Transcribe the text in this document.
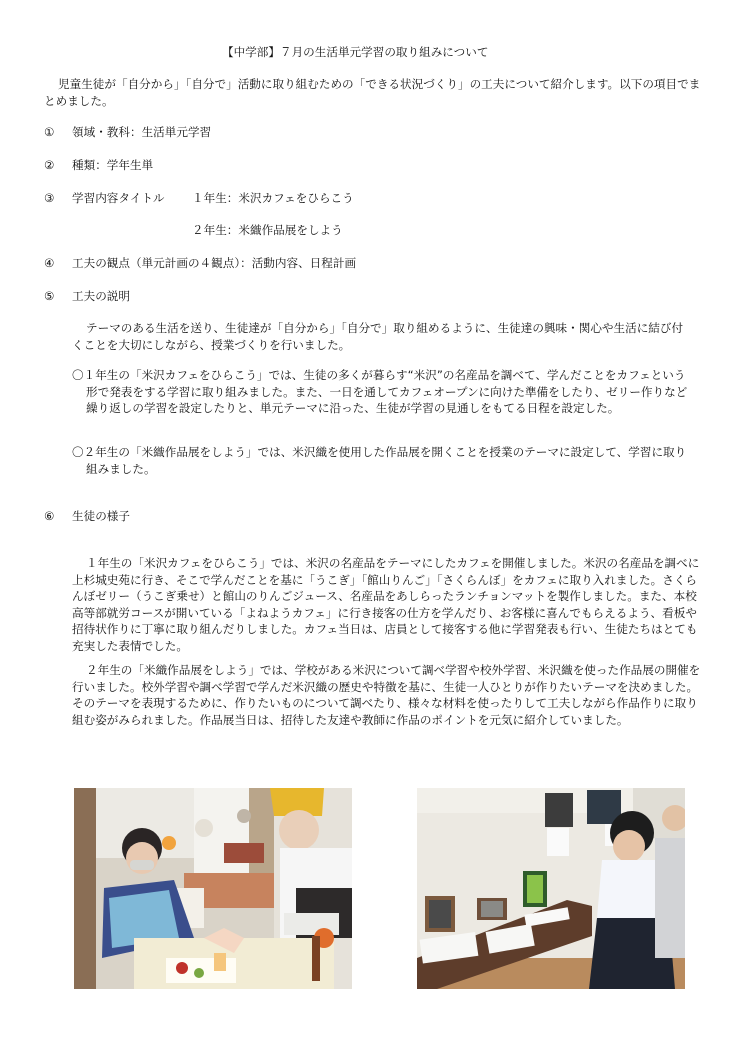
【中学部】７月の生活単元学習の取り組みについて
児童生徒が「自分から」「自分で」活動に取り組むための「できる状況づくり」の工夫について紹介します。以下の項目でまとめました。
① 領域・教科：生活単元学習
② 種類：学年生単
③ 学習内容タイトル １年生：米沢カフェをひらこう
２年生：米織作品展をしよう
④ 工夫の観点（単元計画の４観点）：活動内容、日程計画
⑤ 工夫の説明
テーマのある生活を送り、生徒達が「自分から」「自分で」取り組めるように、生徒達の興味・関心や生活に結び付くことを大切にしながら、授業づくりを行いました。
〇１年生の「米沢カフェをひらこう」では、生徒の多くが暮らす“米沢”の名産品を調べて、学んだことをカフェという形で発表をする学習に取り組みました。また、一日を通してカフェオープンに向けた準備をしたり、ゼリー作りなど繰り返しの学習を設定したりと、単元テーマに沿った、生徒が学習の見通しをもてる日程を設定した。
〇２年生の「米織作品展をしよう」では、米沢織を使用した作品展を開くことを授業のテーマに設定して、学習に取り組みました。
⑥ 生徒の様子
１年生の「米沢カフェをひらこう」では、米沢の名産品をテーマにしたカフェを開催しました。米沢の名産品を調べに上杉城史苑に行き、そこで学んだことを基に「うこぎ」「館山りんご」「さくらんぼ」をカフェに取り入れました。さくらんぼゼリー（うこぎ乗せ）と館山のりんごジュース、名産品をあしらったランチョンマットを製作しました。また、本校高等部就労コースが開いている「よねようカフェ」に行き接客の仕方を学んだり、お客様に喜んでもらえるよう、看板や招待状作りに丁寧に取り組んだりしました。カフェ当日は、店員として接客する他に学習発表も行い、生徒たちはとても充実した表情でした。
２年生の「米織作品展をしよう」では、学校がある米沢について調べ学習や校外学習、米沢織を使った作品展の開催を行いました。校外学習や調べ学習で学んだ米沢織の歴史や特徴を基に、生徒一人ひとりが作りたいテーマを決めました。そのテーマを表現するために、作りたいものについて調べたり、様々な材料を使ったりして工夫しながら作品作りに取り組む姿がみられました。作品展当日は、招待した友達や教師に作品のポイントを元気に紹介していました。
